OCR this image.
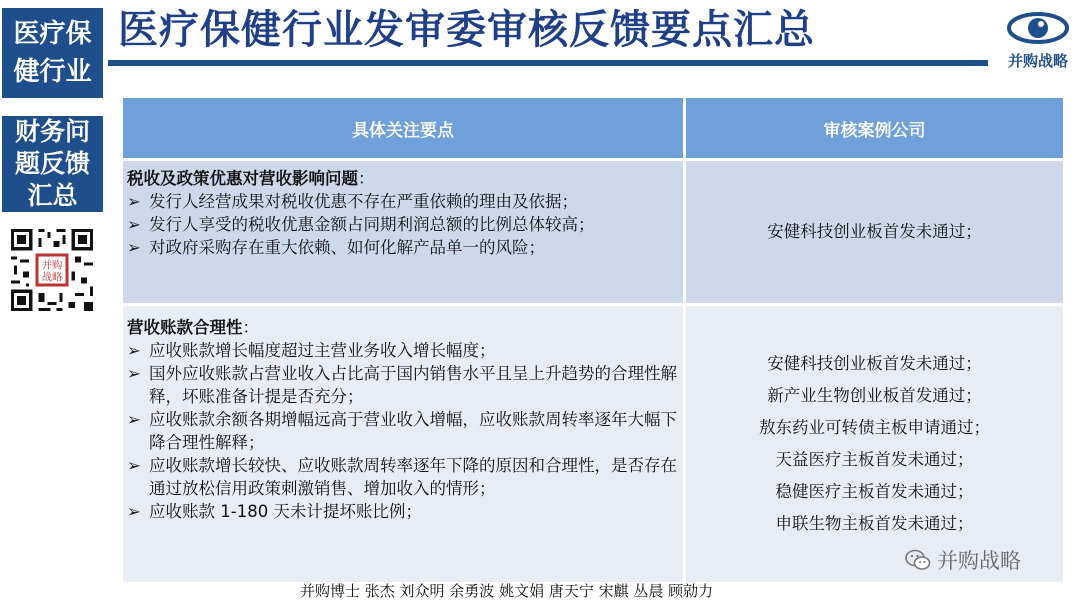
医疗保
健行业
财务问
题反馈
汇总
并购
战略
医疗保健行业发审委审核反馈要点汇总
并购战略
具体关注要点	审核案例公司
税收及政策优惠对营收影响问题：
➢ 发行人经营成果对税收优惠不存在严重依赖的理由及依据；
➢ 发行人享受的税收优惠金额占同期利润总额的比例总体较高；
➢ 对政府采购存在重大依赖、如何化解产品单一的风险；
安健科技创业板首发未通过；
营收账款合理性：
➢ 应收账款增长幅度超过主营业务收入增长幅度；
➢ 国外应收账款占营业收入占比高于国内销售水平且呈上升趋势的合理性解释，坏账准备计提是否充分；
➢ 应收账款余额各期增幅远高于营业收入增幅，应收账款周转率逐年大幅下降合理性解释；
➢ 应收账款增长较快、应收账款周转率逐年下降的原因和合理性，是否存在通过放松信用政策刺激销售、增加收入的情形；
➢ 应收账款 1-180 天未计提坏账比例；
安健科技创业板首发未通过；
新产业生物创业板首发通过；
敖东药业可转债主板申请通过；
天益医疗主板首发未通过；
稳健医疗主板首发未通过；
申联生物主板首发未通过；
并购博士 张杰 刘众明 余勇波 姚文娟 唐天宁 宋麒 丛晨 顾勍力
并购战略
